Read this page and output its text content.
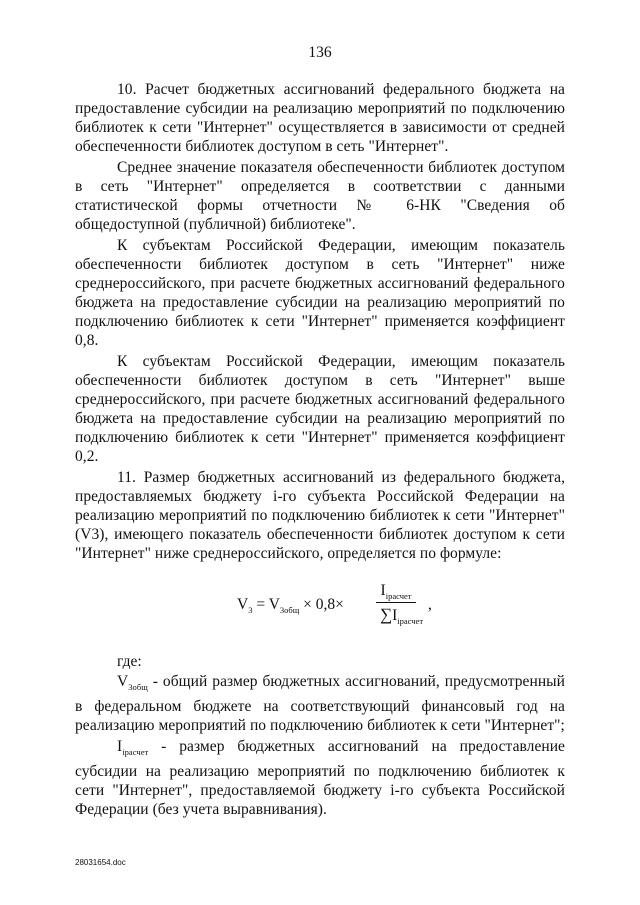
136

10. Расчет бюджетных ассигнований федерального бюджета на предоставление субсидии на реализацию мероприятий по подключению библиотек к сети "Интернет" осуществляется в зависимости от средней обеспеченности библиотек доступом в сеть "Интернет".

Среднее значение показателя обеспеченности библиотек доступом в сеть "Интернет" определяется в соответствии с данными статистической формы отчетности № 6-НК "Сведения об общедоступной (публичной) библиотеке".

К субъектам Российской Федерации, имеющим показатель обеспеченности библиотек доступом в сеть "Интернет" ниже среднероссийского, при расчете бюджетных ассигнований федерального бюджета на предоставление субсидии на реализацию мероприятий по подключению библиотек к сети "Интернет" применяется коэффициент 0,8.

К субъектам Российской Федерации, имеющим показатель обеспеченности библиотек доступом в сеть "Интернет" выше среднероссийского, при расчете бюджетных ассигнований федерального бюджета на предоставление субсидии на реализацию мероприятий по подключению библиотек к сети "Интернет" применяется коэффициент 0,2.

11. Размер бюджетных ассигнований из федерального бюджета, предоставляемых бюджету i-го субъекта Российской Федерации на реализацию мероприятий по подключению библиотек к сети "Интернет" (V3), имеющего показатель обеспеченности библиотек доступом к сети "Интернет" ниже среднероссийского, определяется по формуле:

$V_3 = V_{3общ} \times 0,8\times$
$I_{iрасчет}$
$\sum I_{iрасчет}$
,
где:

$V_{3общ}$ - общий размер бюджетных ассигнований, предусмотренный в федеральном бюджете на соответствующий финансовый год на реализацию мероприятий по подключению библиотек к сети "Интернет";

$I_{iрасчет}$ - размер бюджетных ассигнований на предоставление субсидии на реализацию мероприятий по подключению библиотек к сети "Интернет", предоставляемой бюджету i-го субъекта Российской Федерации (без учета выравнивания).

28031654.doc
